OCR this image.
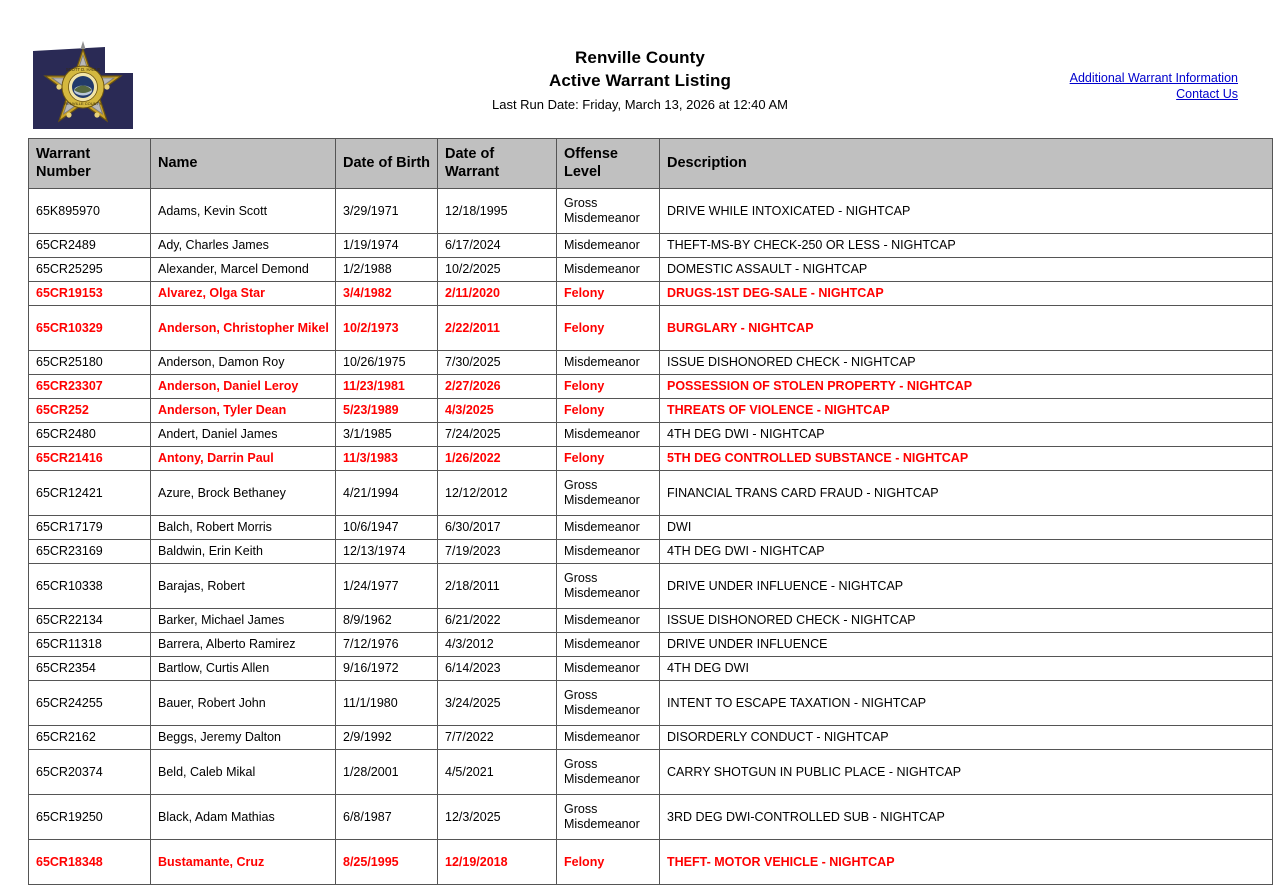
SCOTT D. HABLE
RENVILLE COUNTY
Renville County
Active Warrant Listing
Last Run Date: Friday, March 13, 2026 at 12:40 AM
Additional Warrant Information
Contact Us
Warrant Number	Name	Date of Birth	Date of Warrant	Offense Level	Description
65K895970	Adams, Kevin Scott	3/29/1971	12/18/1995	Gross Misdemeanor	DRIVE WHILE INTOXICATED - NIGHTCAP
65CR2489	Ady, Charles James	1/19/1974	6/17/2024	Misdemeanor	THEFT-MS-BY CHECK-250 OR LESS - NIGHTCAP
65CR25295	Alexander, Marcel Demond	1/2/1988	10/2/2025	Misdemeanor	DOMESTIC ASSAULT - NIGHTCAP
65CR19153	Alvarez, Olga Star	3/4/1982	2/11/2020	Felony	DRUGS-1ST DEG-SALE - NIGHTCAP
65CR10329	Anderson, Christopher Mikel	10/2/1973	2/22/2011	Felony	BURGLARY - NIGHTCAP
65CR25180	Anderson, Damon Roy	10/26/1975	7/30/2025	Misdemeanor	ISSUE DISHONORED CHECK - NIGHTCAP
65CR23307	Anderson, Daniel Leroy	11/23/1981	2/27/2026	Felony	POSSESSION OF STOLEN PROPERTY - NIGHTCAP
65CR252	Anderson, Tyler Dean	5/23/1989	4/3/2025	Felony	THREATS OF VIOLENCE - NIGHTCAP
65CR2480	Andert, Daniel James	3/1/1985	7/24/2025	Misdemeanor	4TH DEG DWI - NIGHTCAP
65CR21416	Antony, Darrin Paul	11/3/1983	1/26/2022	Felony	5TH DEG CONTROLLED SUBSTANCE - NIGHTCAP
65CR12421	Azure, Brock Bethaney	4/21/1994	12/12/2012	Gross Misdemeanor	FINANCIAL TRANS CARD FRAUD - NIGHTCAP
65CR17179	Balch, Robert Morris	10/6/1947	6/30/2017	Misdemeanor	DWI
65CR23169	Baldwin, Erin Keith	12/13/1974	7/19/2023	Misdemeanor	4TH DEG DWI - NIGHTCAP
65CR10338	Barajas, Robert	1/24/1977	2/18/2011	Gross Misdemeanor	DRIVE UNDER INFLUENCE - NIGHTCAP
65CR22134	Barker, Michael James	8/9/1962	6/21/2022	Misdemeanor	ISSUE DISHONORED CHECK - NIGHTCAP
65CR11318	Barrera, Alberto Ramirez	7/12/1976	4/3/2012	Misdemeanor	DRIVE UNDER INFLUENCE
65CR2354	Bartlow, Curtis Allen	9/16/1972	6/14/2023	Misdemeanor	4TH DEG DWI
65CR24255	Bauer, Robert John	11/1/1980	3/24/2025	Gross Misdemeanor	INTENT TO ESCAPE TAXATION - NIGHTCAP
65CR2162	Beggs, Jeremy Dalton	2/9/1992	7/7/2022	Misdemeanor	DISORDERLY CONDUCT - NIGHTCAP
65CR20374	Beld, Caleb Mikal	1/28/2001	4/5/2021	Gross Misdemeanor	CARRY SHOTGUN IN PUBLIC PLACE - NIGHTCAP
65CR19250	Black, Adam Mathias	6/8/1987	12/3/2025	Gross Misdemeanor	3RD DEG DWI-CONTROLLED SUB - NIGHTCAP
65CR18348	Bustamante, Cruz	8/25/1995	12/19/2018	Felony	THEFT- MOTOR VEHICLE - NIGHTCAP
